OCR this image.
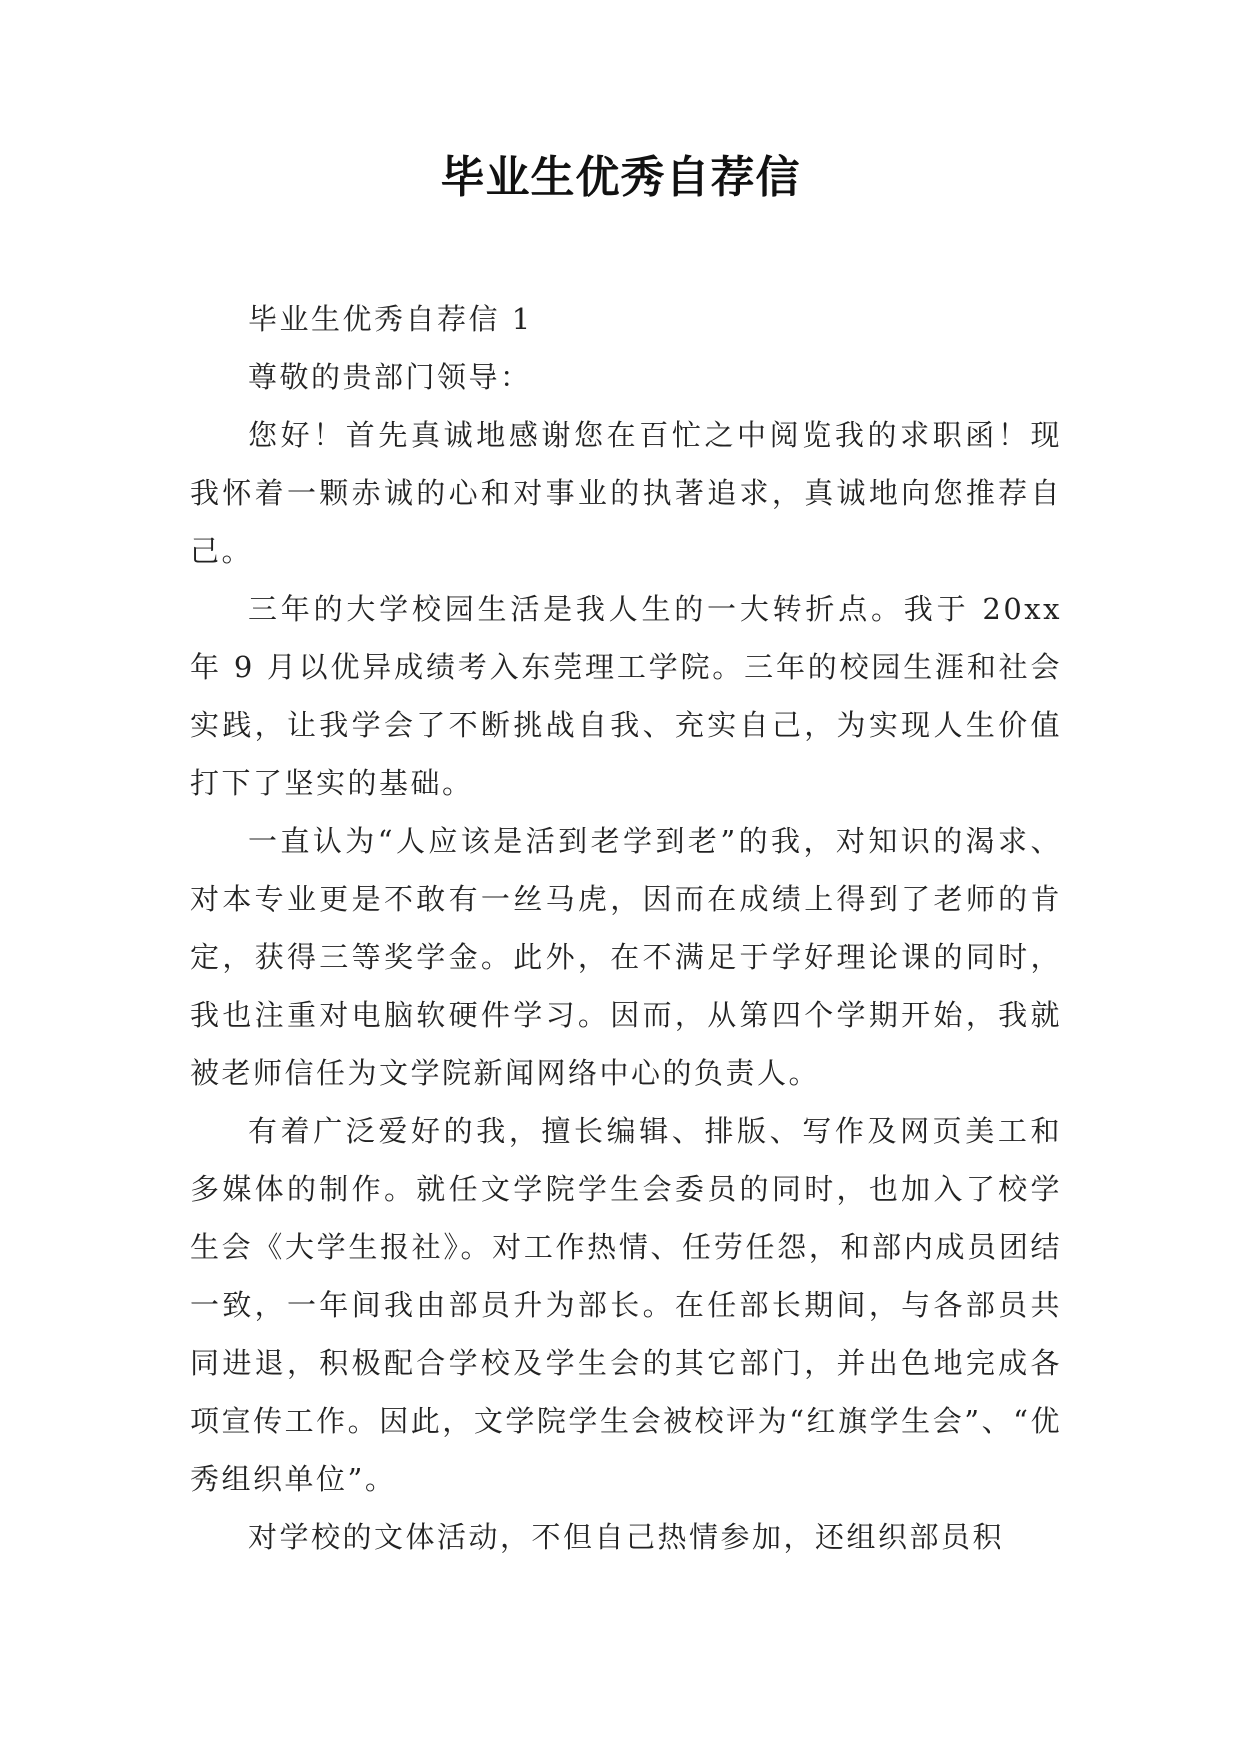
毕业生优秀自荐信

毕业生优秀自荐信 1

尊敬的贵部门领导：

您好！首先真诚地感谢您在百忙之中阅览我的求职函！现我怀着一颗赤诚的心和对事业的执著追求，真诚地向您推荐自己。

三年的大学校园生活是我人生的一大转折点。我于 20xx 年 9 月以优异成绩考入东莞理工学院。三年的校园生涯和社会实践，让我学会了不断挑战自我、充实自己，为实现人生价值打下了坚实的基础。

一直认为“人应该是活到老学到老”的我，对知识的渴求、对本专业更是不敢有一丝马虎，因而在成绩上得到了老师的肯定，获得三等奖学金。此外，在不满足于学好理论课的同时，我也注重对电脑软硬件学习。因而，从第四个学期开始，我就被老师信任为文学院新闻网络中心的负责人。

有着广泛爱好的我，擅长编辑、排版、写作及网页美工和多媒体的制作。就任文学院学生会委员的同时，也加入了校学生会《大学生报社》。对工作热情、任劳任怨，和部内成员团结一致，一年间我由部员升为部长。在任部长期间，与各部员共同进退，积极配合学校及学生会的其它部门，并出色地完成各项宣传工作。因此，文学院学生会被校评为“红旗学生会”、“优秀组织单位”。

对学校的文体活动，不但自己热情参加，还组织部员积
